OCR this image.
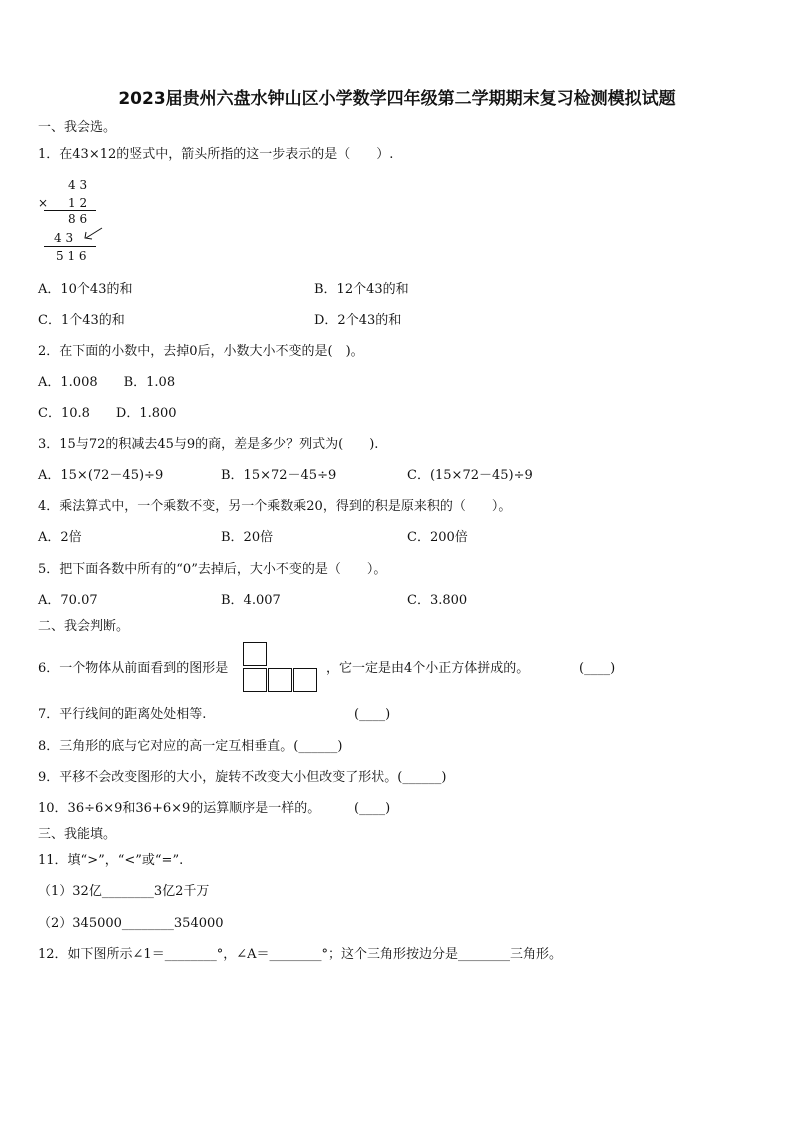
2023届贵州六盘水钟山区小学数学四年级第二学期期末复习检测模拟试题
一、我会选。
1．在43×12的竖式中，箭头所指的这一步表示的是（　　）.
4 3
× 1 2
8 6
4 3
5 1 6
A．10个43的和	B．12个43的和
C．1个43的和	D．2个43的和
2．在下面的小数中，去掉0后，小数大小不变的是(　)。
A．1.008　　B．1.08
C．10.8　　D．1.800
3．15与72的积减去45与9的商，差是多少？列式为(　　).
A．15×(72－45)÷9	B．15×72－45÷9	C．(15×72－45)÷9
4．乘法算式中，一个乘数不变，另一个乘数乘20，得到的积是原来积的（　　）。
A．2倍	B．20倍	C．200倍
5．把下面各数中所有的“0”去掉后，大小不变的是（　　）。
A．70.07	B．4.007	C．3.800
二、我会判断。
6．一个物体从前面看到的图形是	，它一定是由4个小正方体拼成的。	(____)
7．平行线间的距离处处相等.	(____)
8．三角形的底与它对应的高一定互相垂直。(______)
9．平移不会改变图形的大小，旋转不改变大小但改变了形状。(______)
10．36÷6×9和36+6×9的运算顺序是一样的。	(____)
三、我能填。
11．填“>”，“<”或“=”.
（1）32亿________3亿2千万
（2）345000________354000
12．如下图所示∠1＝________°，∠A＝________°；这个三角形按边分是________三角形。
